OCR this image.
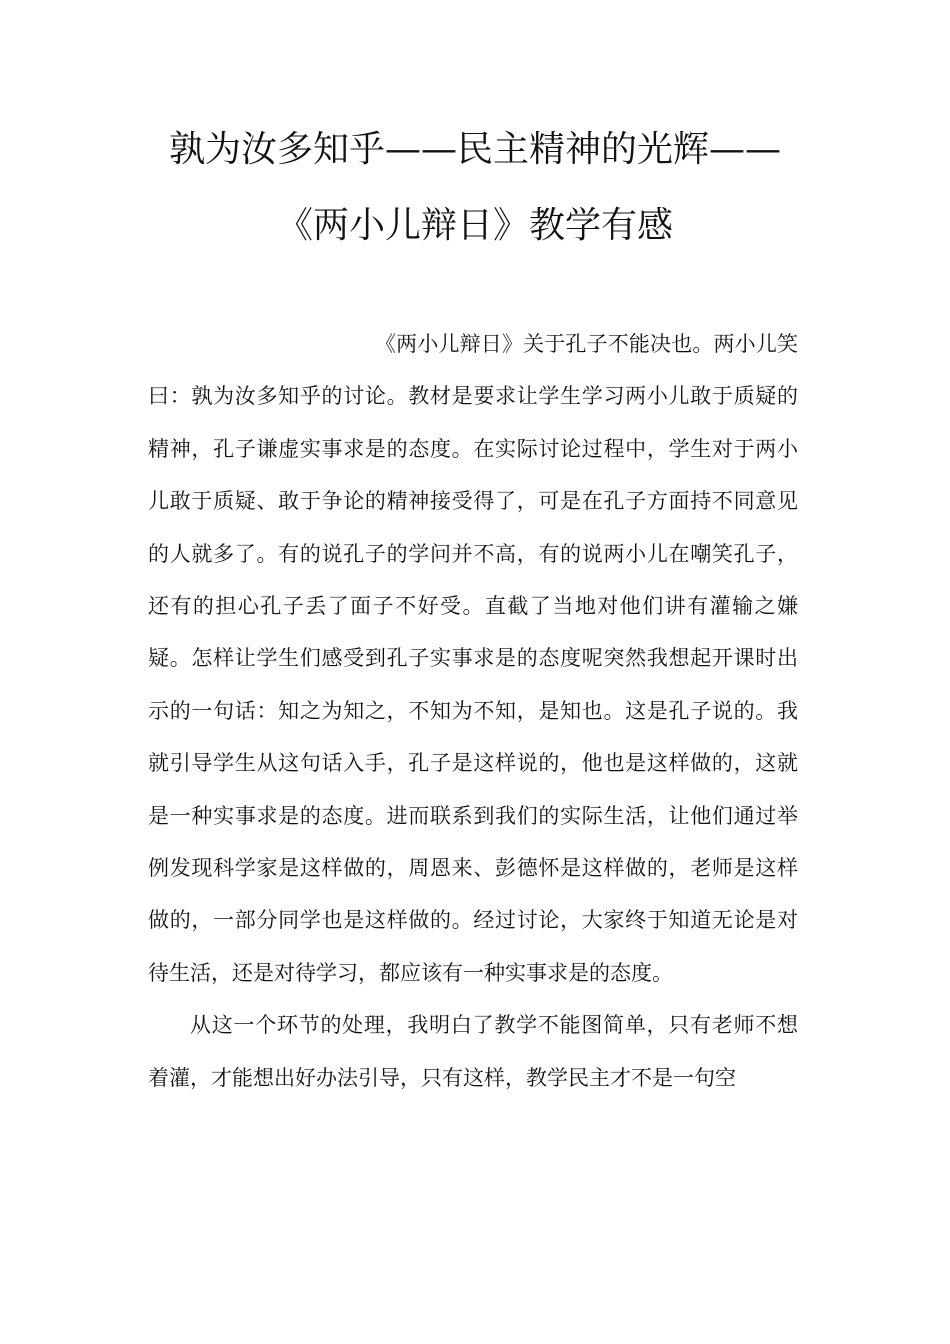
孰为汝多知乎——民主精神的光辉——《两小儿辩日》教学有感

《两小儿辩日》关于孔子不能决也。两小儿笑曰：孰为汝多知乎的讨论。教材是要求让学生学习两小儿敢于质疑的精神，孔子谦虚实事求是的态度。在实际讨论过程中，学生对于两小儿敢于质疑、敢于争论的精神接受得了，可是在孔子方面持不同意见的人就多了。有的说孔子的学问并不高，有的说两小儿在嘲笑孔子，还有的担心孔子丢了面子不好受。直截了当地对他们讲有灌输之嫌疑。怎样让学生们感受到孔子实事求是的态度呢突然我想起开课时出示的一句话：知之为知之，不知为不知，是知也。这是孔子说的。我就引导学生从这句话入手，孔子是这样说的，他也是这样做的，这就是一种实事求是的态度。进而联系到我们的实际生活，让他们通过举例发现科学家是这样做的，周恩来、彭德怀是这样做的，老师是这样做的，一部分同学也是这样做的。经过讨论，大家终于知道无论是对待生活，还是对待学习，都应该有一种实事求是的态度。

从这一个环节的处理，我明白了教学不能图简单，只有老师不想着灌，才能想出好办法引导，只有这样，教学民主才不是一句空
